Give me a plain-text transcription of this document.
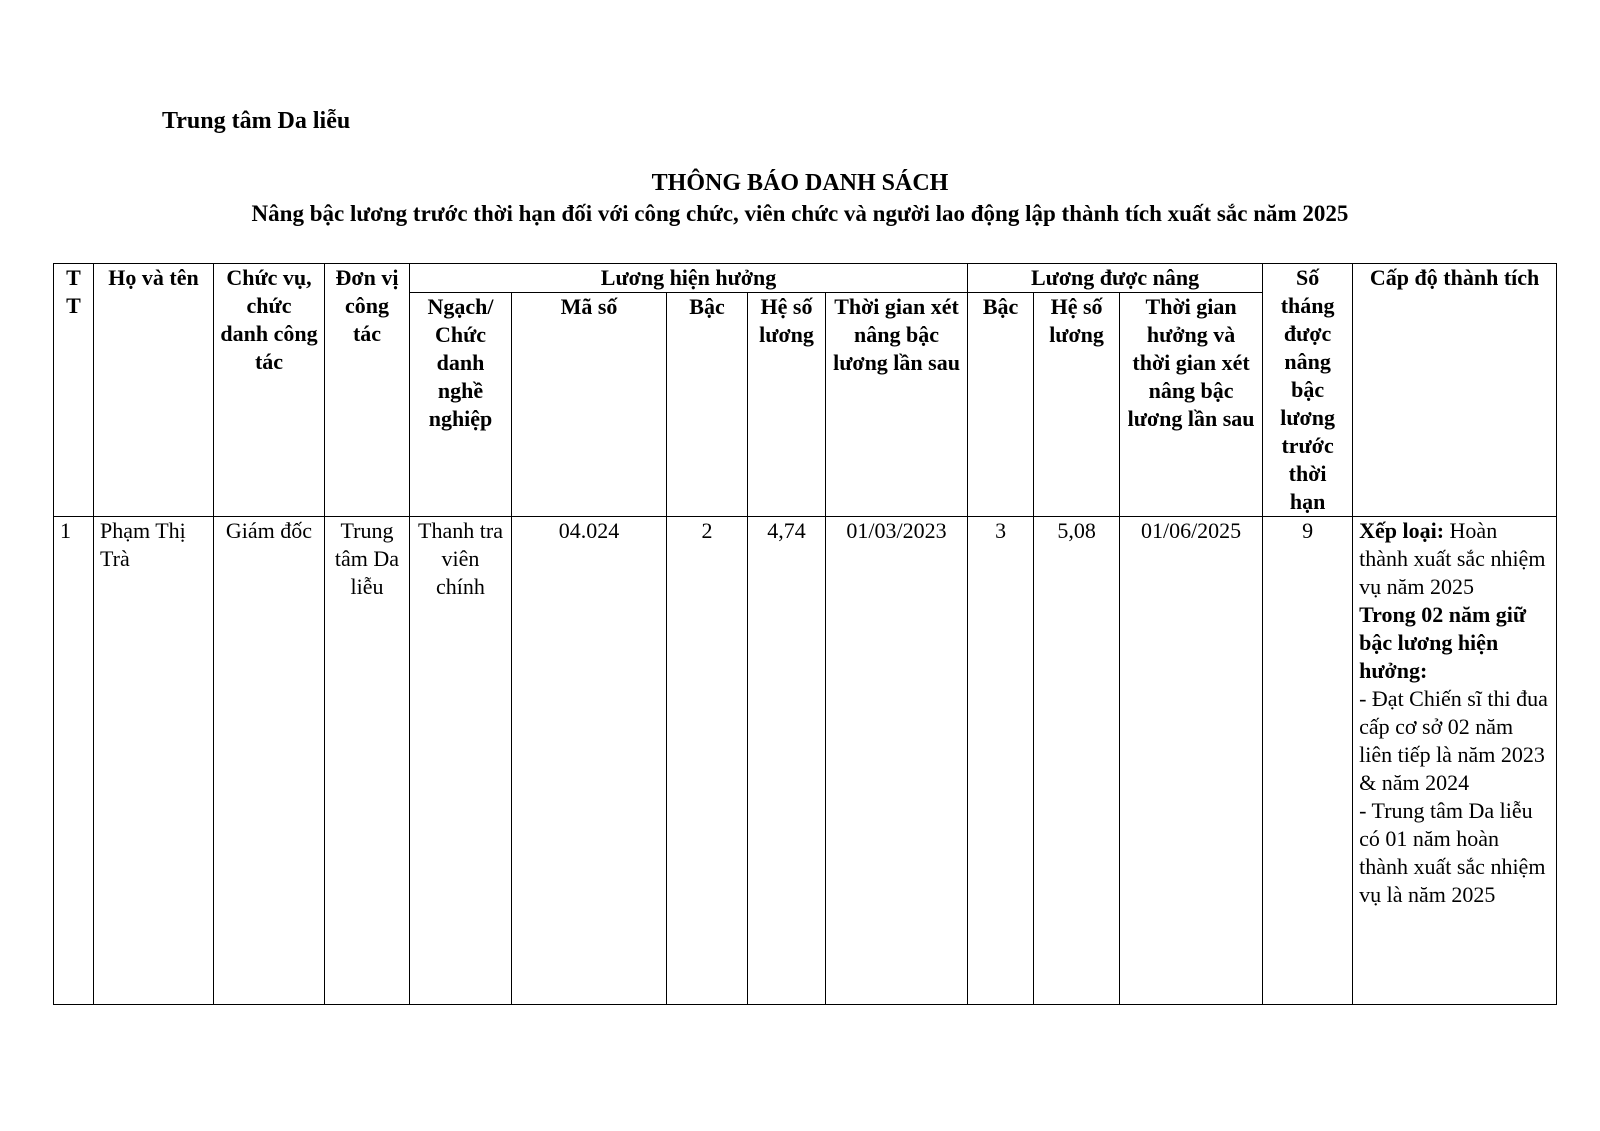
Trung tâm Da liễu
THÔNG BÁO DANH SÁCH
Nâng bậc lương trước thời hạn đối với công chức, viên chức và người lao động lập thành tích xuất sắc năm 2025
T T	Họ và tên	Chức vụ, chức danh công tác	Đơn vị công tác	Lương hiện hưởng					Lương được nâng			Số tháng được nâng bậc lương trước thời hạn	Cấp độ thành tích
				Ngạch/ Chức danh nghề nghiệp	Mã số	Bậc	Hệ số lương	Thời gian xét nâng bậc lương lần sau	Bậc	Hệ số lương	Thời gian hưởng và thời gian xét nâng bậc lương lần sau		
1	Phạm Thị Trà	Giám đốc	Trung tâm Da liễu	Thanh tra viên chính	04.024	2	4,74	01/03/2023	3	5,08	01/06/2025	9	Xếp loại: Hoàn thành xuất sắc nhiệm vụ năm 2025
Trong 02 năm giữ bậc lương hiện hưởng:
- Đạt Chiến sĩ thi đua cấp cơ sở 02 năm liên tiếp là năm 2023 & năm 2024
- Trung tâm Da liễu có 01 năm hoàn thành xuất sắc nhiệm vụ là năm 2025
